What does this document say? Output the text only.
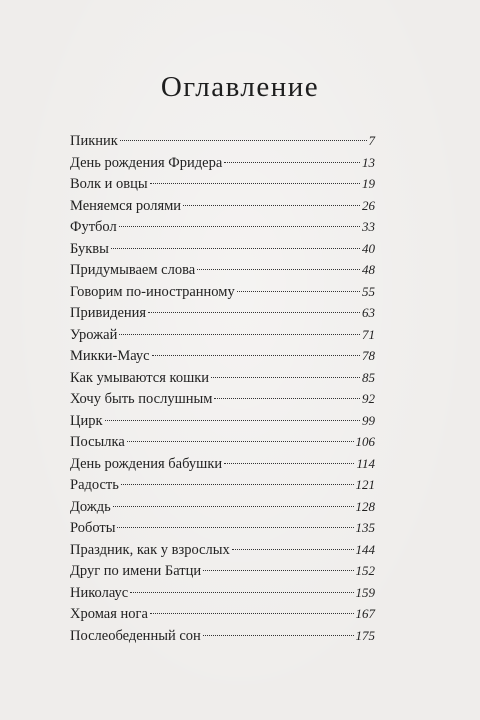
Оглавление
Пикник	7
День рождения Фридера	13
Волк и овцы	19
Меняемся ролями	26
Футбол	33
Буквы	40
Придумываем слова	48
Говорим по-иностранному	55
Привидения	63
Урожай	71
Микки-Маус	78
Как умываются кошки	85
Хочу быть послушным	92
Цирк	99
Посылка	106
День рождения бабушки	114
Радость	121
Дождь	128
Роботы	135
Праздник, как у взрослых	144
Друг по имени Батци	152
Николаус	159
Хромая нога	167
Послеобеденный сон	175
